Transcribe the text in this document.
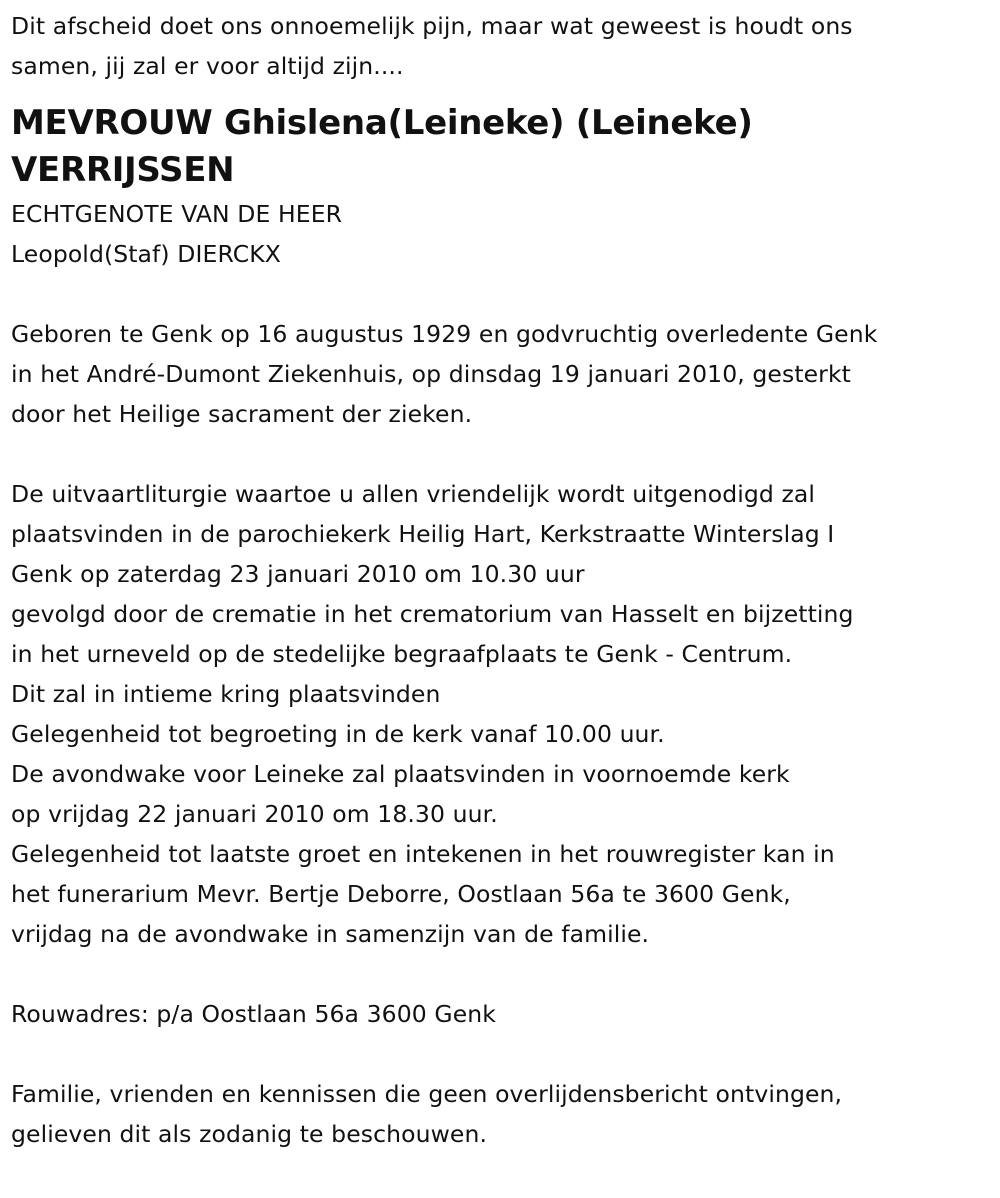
Dit afscheid doet ons onnoemelijk pijn, maar wat geweest is houdt ons
samen, jij zal er voor altijd zijn....
MEVROUW Ghislena(Leineke) (Leineke)
VERRIJSSEN
ECHTGENOTE VAN DE HEER
Leopold(Staf) DIERCKX
Geboren te Genk op 16 augustus 1929 en godvruchtig overledente Genk
in het André-Dumont Ziekenhuis, op dinsdag 19 januari 2010, gesterkt
door het Heilige sacrament der zieken.
De uitvaartliturgie waartoe u allen vriendelijk wordt uitgenodigd zal
plaatsvinden in de parochiekerk Heilig Hart, Kerkstraatte Winterslag I
Genk op zaterdag 23 januari 2010 om 10.30 uur
gevolgd door de crematie in het crematorium van Hasselt en bijzetting
in het urneveld op de stedelijke begraafplaats te Genk - Centrum.
Dit zal in intieme kring plaatsvinden
Gelegenheid tot begroeting in de kerk vanaf 10.00 uur.
De avondwake voor Leineke zal plaatsvinden in voornoemde kerk
op vrijdag 22 januari 2010 om 18.30 uur.
Gelegenheid tot laatste groet en intekenen in het rouwregister kan in
het funerarium Mevr. Bertje Deborre, Oostlaan 56a te 3600 Genk,
vrijdag na de avondwake in samenzijn van de familie.
Rouwadres: p/a Oostlaan 56a 3600 Genk
Familie, vrienden en kennissen die geen overlijdensbericht ontvingen,
gelieven dit als zodanig te beschouwen.
